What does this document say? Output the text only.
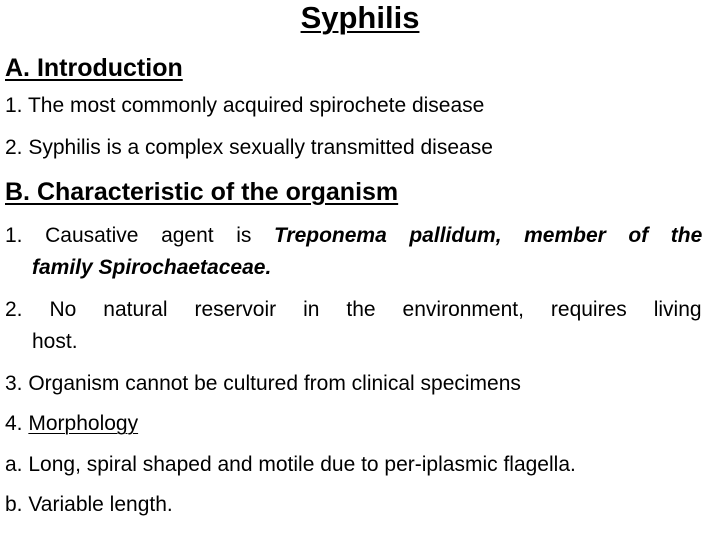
Syphilis
A. Introduction

1. The most commonly acquired spirochete disease

2. Syphilis is a complex sexually transmitted disease

B. Characteristic of the organism

1. Causative agent is Treponema pallidum, member of the

family Spirochaetaceae.

2. No natural reservoir in the environment, requires living

host.

3. Organism cannot be cultured from clinical specimens

4. Morphology

a. Long, spiral shaped and motile due to per-iplasmic flagella.

b. Variable length.
